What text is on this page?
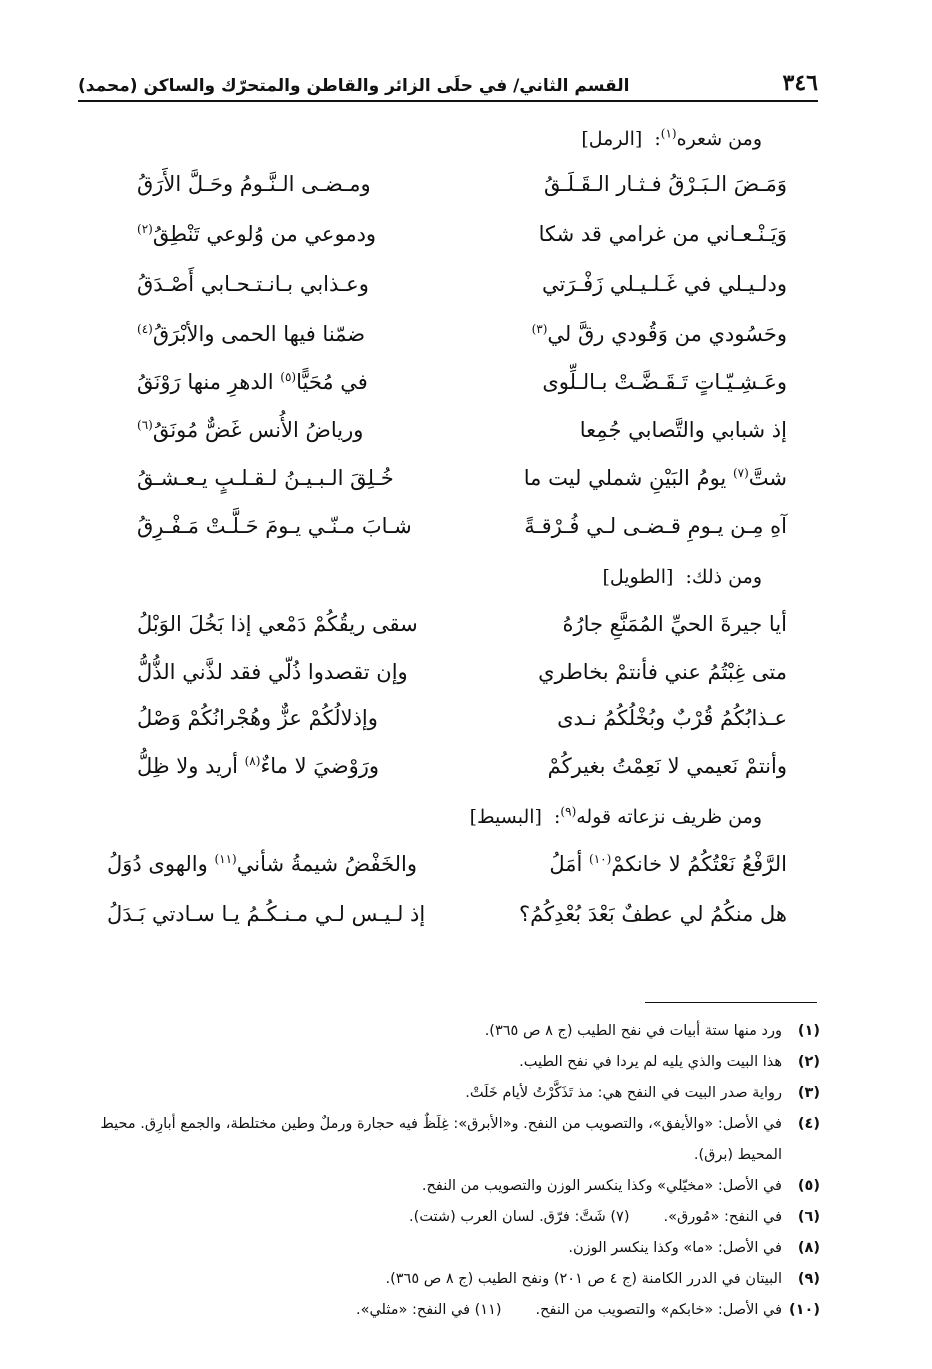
٣٤٦
القسم الثاني/ في حلَى الزائر والقاطن والمتحرّك والساكن (محمد)
ومن شعره$^{(١)}$: [الرمل]
وَمَـضَ الـبَـرْقُ فـثـار الـقَـلَـقُ
ومـضـى الـنَّـومُ وحَـلَّ الأَرَقُ
وَيَـنْـعـاني من غرامي قد شكا
ودموعي من وُلوعي تَنْطِقُ$^{(٢)}$
ودلـيـلي في غَـلـيـلي زَفْـرَتي
وعـذابي بـانـتـحـابي أَصْـدَقُ
وحَسُودي من وَقُودي رقَّ لي$^{(٣)}$
ضمّنا فيها الحمى والأبْرَقُ$^{(٤)}$
وعَـشِـيّـاتٍ تَـقَـضَّـتْ بـالـلِّوى
في مُحَيًّا$^{(٥)}$ الدهرِ منها رَوْنَقُ
إذ شبابي والتَّصابي جُمِعا
ورياضُ الأُنس غَضٌّ مُونَقُ$^{(٦)}$
شتَّ$^{(٧)}$ يومُ البَيْنِ شملي ليت ما
خُـلِقَ الـبـيـنُ لـقـلـبٍ يـعـشـقُ
آهِ مِـن يـومِ قـضـى لـي فُـرْقـةً
شـابَ مـنّـي يـومَ حَـلَّـتْ مَـفْـرِقُ
ومن ذلك: [الطويل]
أيا جيرةَ الحيِّ المُمَنَّعِ جارُهُ
سقى ريقُكُمْ دَمْعي إذا بَخُلَ الوَبْلُ
متى غِبْتُمُ عني فأنتمْ بخاطري
وإن تقصدوا ذُلّي فقد لذَّني الذُّلُّ
عـذابُكُمُ قُرْبٌ وبُخْلُكُمُ نـدى
وإذلالُكُمْ عزٌّ وهُجْرانُكُمْ وَصْلُ
وأنتمْ نَعيمي لا نَعِمْتُ بغيركُمْ
ورَوْضيَ لا ماءٌ$^{(٨)}$ أريد ولا ظِلُّ
ومن ظريف نزعاته قوله$^{(٩)}$: [البسيط]
الرَّفْعُ نَعْتُكُمُ لا خانكمْ$^{(١٠)}$ أمَلُ
والخَفْضُ شيمةُ شأني$^{(١١)}$ والهوى دُوَلُ
هل منكُمُ لي عطفٌ بَعْدَ بُعْدِكُمُ؟
إذ لـيـس لـي مـنـكُـمُ يـا سـادتي بَـدَلُ
(١)
ورد منها ستة أبيات في نفح الطيب (ج ٨ ص ٣٦٥).
(٢)
هذا البيت والذي يليه لم يردا في نفح الطيب.
(٣)
رواية صدر البيت في النفح هي: مذ تَذَكَّرْتُ لأيام خَلَتْ.
(٤)
في الأصل: «والأيفق»، والتصويب من النفح. و«الأبرق»: غِلَظٌ فيه حجارة ورملٌ وطين مختلطة، والجمع أبارِق. محيط المحيط (برق).
(٥)
في الأصل: «مخيّلي» وكذا ينكسر الوزن والتصويب من النفح.
(٦)
في النفح: «مُورق».
(٧)

شَتَّ: فرّق. لسان العرب (شتت).
(٨)
في الأصل: «ما» وكذا ينكسر الوزن.
(٩)
البيتان في الدرر الكامنة (ج ٤ ص ٢٠١) ونفح الطيب (ج ٨ ص ٣٦٥).
(١٠)
في الأصل: «خابكم» والتصويب من النفح.
(١١)

في النفح: «مثلي».
